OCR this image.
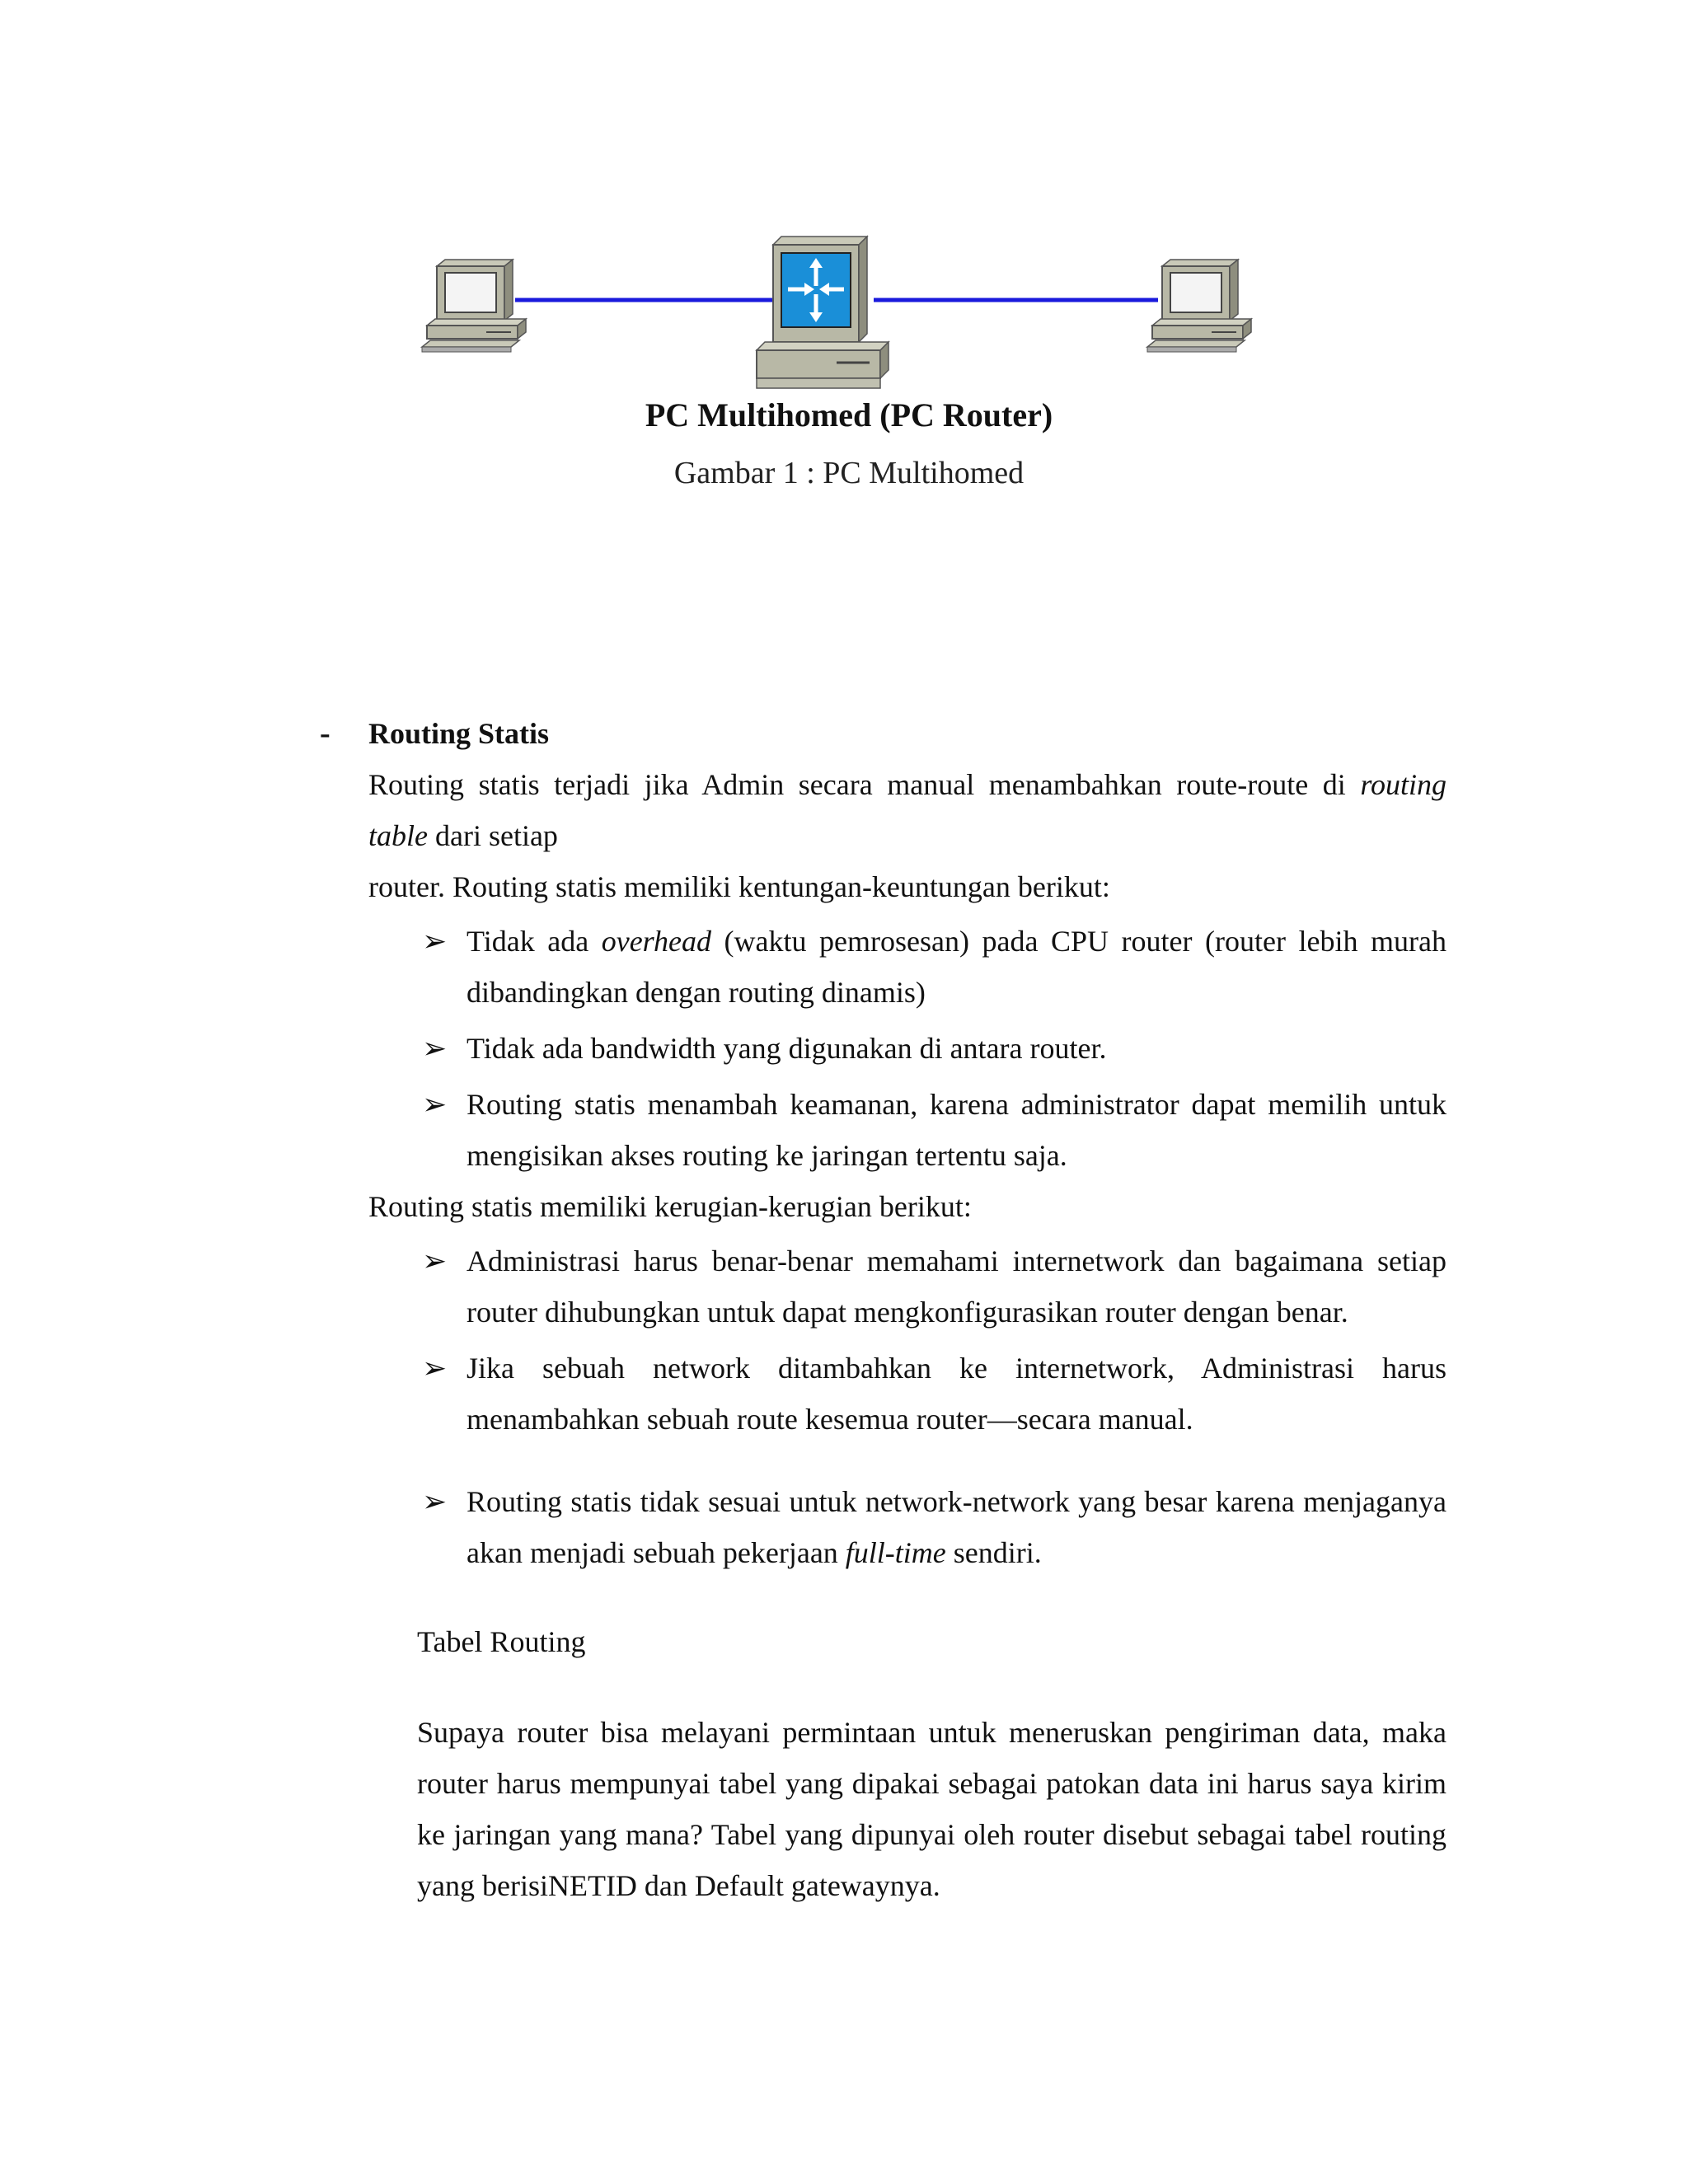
PC Multihomed (PC Router)
Gambar 1 : PC Multihomed
- Routing Statis
Routing statis terjadi jika Admin secara manual menambahkan route-route di routing
table dari setiap
router. Routing statis memiliki kentungan-keuntungan berikut:
➢ Tidak ada overhead (waktu pemrosesan) pada CPU router (router lebih murah
dibandingkan dengan routing dinamis)
➢ Tidak ada bandwidth yang digunakan di antara router.
➢ Routing statis menambah keamanan, karena administrator dapat memilih untuk
mengisikan akses routing ke jaringan tertentu saja.
Routing statis memiliki kerugian-kerugian berikut:
➢ Administrasi harus benar-benar memahami internetwork dan bagaimana setiap
router dihubungkan untuk dapat mengkonfigurasikan router dengan benar.
➢ Jika sebuah network ditambahkan ke internetwork, Administrasi harus
menambahkan sebuah route kesemua router—secara manual.
➢ Routing statis tidak sesuai untuk network-network yang besar karena menjaganya
akan menjadi sebuah pekerjaan full-time sendiri.
Tabel Routing
Supaya router bisa melayani permintaan untuk meneruskan pengiriman data, maka
router harus mempunyai tabel yang dipakai sebagai patokan data ini harus saya kirim
ke jaringan yang mana? Tabel yang dipunyai oleh router disebut sebagai tabel routing
yang berisiNETID dan Default gatewaynya.
